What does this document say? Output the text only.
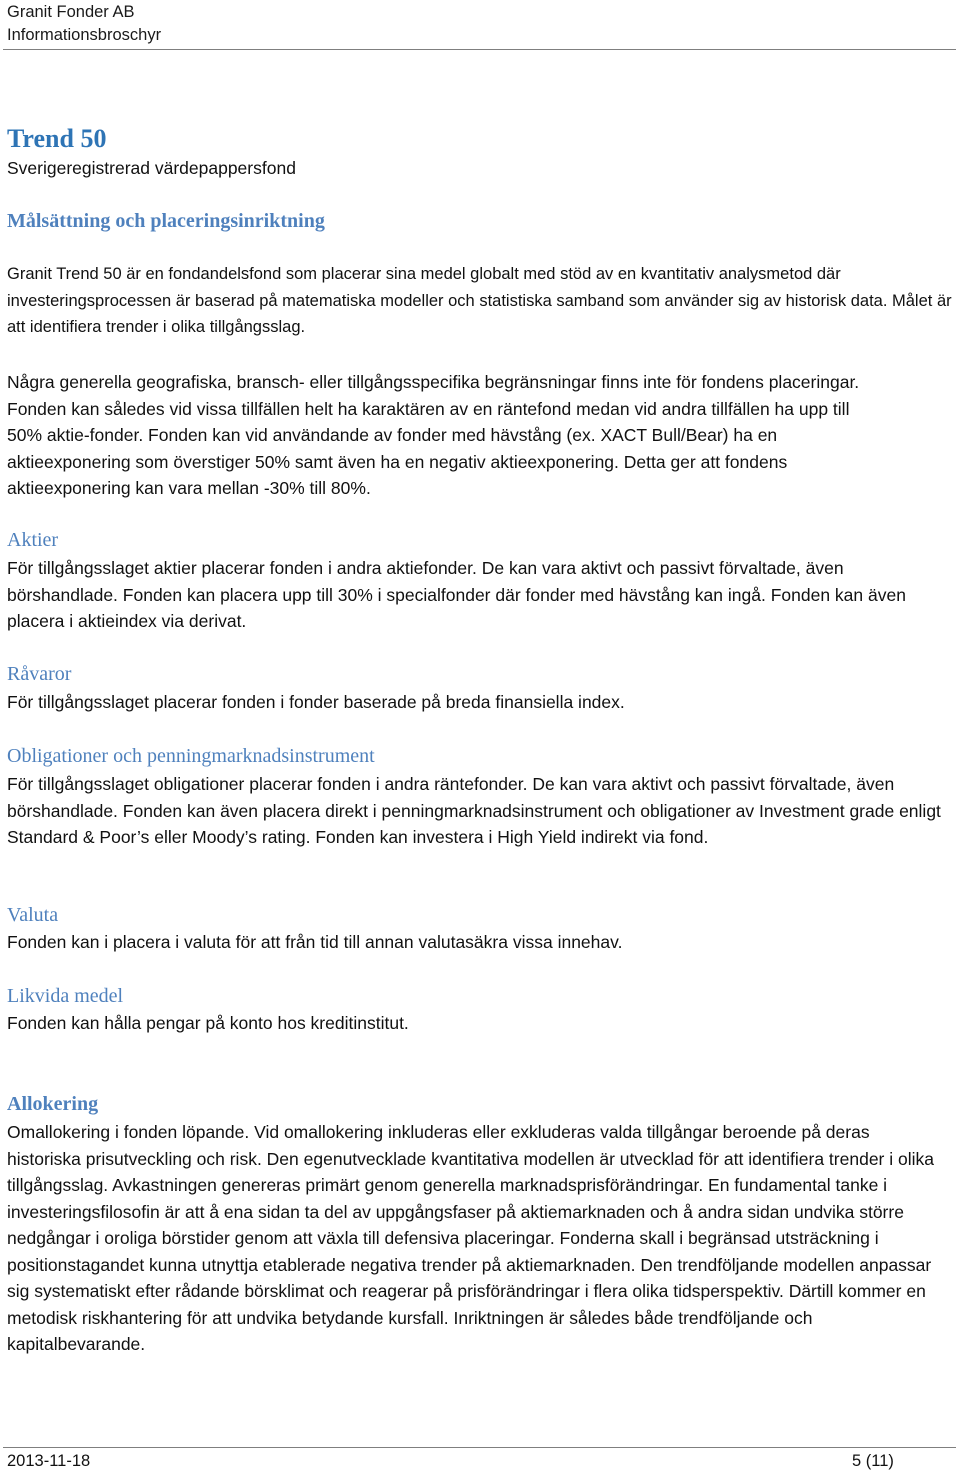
Granit Fonder AB
Informationsbroschyr
Trend 50
Sverigeregistrerad värdepappersfond
Målsättning och placeringsinriktning

Granit Trend 50 är en fondandelsfond som placerar sina medel globalt med stöd av en kvantitativ analysmetod där investeringsprocessen är baserad på matematiska modeller och statistiska samband som använder sig av historisk data. Målet är att identifiera trender i olika tillgångsslag.

Några generella geografiska, bransch- eller tillgångsspecifika begränsningar finns inte för fondens placeringar. Fonden kan således vid vissa tillfällen helt ha karaktären av en räntefond medan vid andra tillfällen ha upp till 50% aktie-fonder. Fonden kan vid användande av fonder med hävstång (ex. XACT Bull/Bear) ha en aktieexponering som överstiger 50% samt även ha en negativ aktieexponering. Detta ger att fondens aktieexponering kan vara mellan -30% till 80%.

Aktier

För tillgångsslaget aktier placerar fonden i andra aktiefonder. De kan vara aktivt och passivt förvaltade, även börshandlade. Fonden kan placera upp till 30% i specialfonder där fonder med hävstång kan ingå. Fonden kan även placera i aktieindex via derivat.

Råvaror

För tillgångsslaget placerar fonden i fonder baserade på breda finansiella index.

Obligationer och penningmarknadsinstrument

För tillgångsslaget obligationer placerar fonden i andra räntefonder. De kan vara aktivt och passivt förvaltade, även börshandlade. Fonden kan även placera direkt i penningmarknadsinstrument och obligationer av Investment grade enligt Standard & Poor’s eller Moody’s rating. Fonden kan investera i High Yield indirekt via fond.

Valuta

Fonden kan i placera i valuta för att från tid till annan valutasäkra vissa innehav.

Likvida medel

Fonden kan hålla pengar på konto hos kreditinstitut.

Allokering

Omallokering i fonden löpande. Vid omallokering inkluderas eller exkluderas valda tillgångar beroende på deras historiska prisutveckling och risk. Den egenutvecklade kvantitativa modellen är utvecklad för att identifiera trender i olika tillgångsslag. Avkastningen genereras primärt genom generella marknadsprisförändringar. En fundamental tanke i investeringsfilosofin är att å ena sidan ta del av uppgångsfaser på aktiemarknaden och å andra sidan undvika större nedgångar i oroliga börstider genom att växla till defensiva placeringar. Fonderna skall i begränsad utsträckning i positionstagandet kunna utnyttja etablerade negativa trender på aktiemarknaden. Den trendföljande modellen anpassar sig systematiskt efter rådande börsklimat och reagerar på prisförändringar i flera olika tidsperspektiv. Därtill kommer en metodisk riskhantering för att undvika betydande kursfall. Inriktningen är således både trendföljande och kapitalbevarande.

2013-11-18	5 (11)
